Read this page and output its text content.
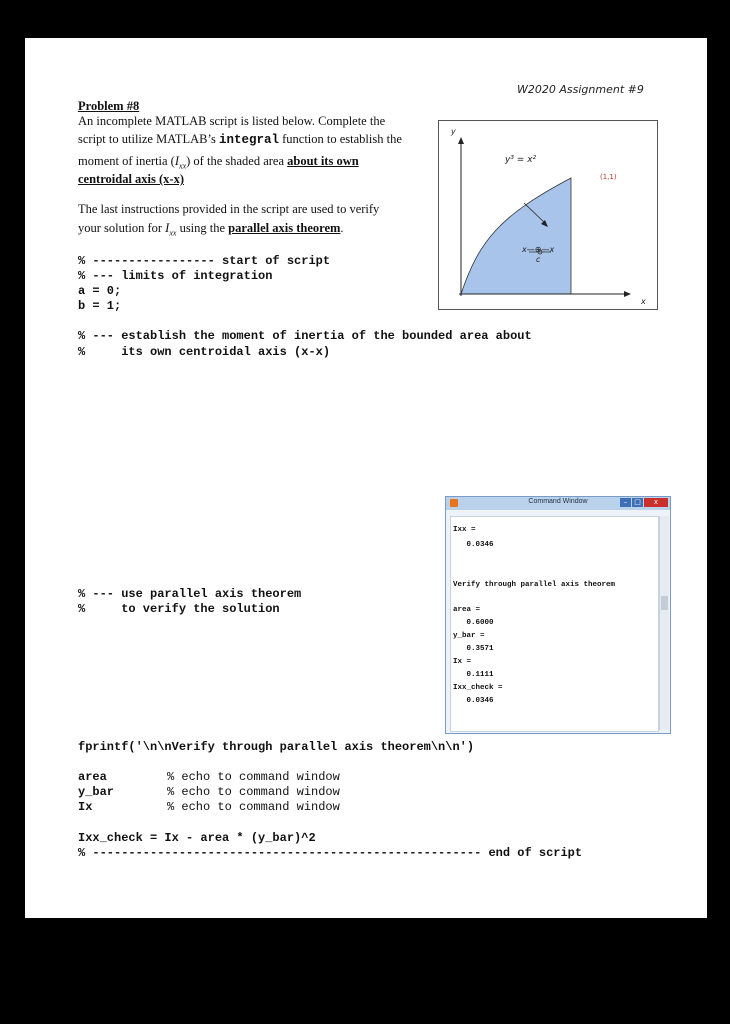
W2020 Assignment #9
Problem #8
An incomplete MATLAB script is listed below. Complete the
script to utilize MATLAB’s integral function to establish the
moment of inertia $(I_{xx})$ of the shaded area about its own
centroidal axis (x-x)
The last instructions provided in the script are used to verify
your solution for $I_{xx}$ using the parallel axis theorem.
y
x
y³ = x²
(1,1)
x—⊕—x
c
% ----------------- start of script
% --- limits of integration
a = 0;
b = 1;
% --- establish the moment of inertia of the bounded area about
%     its own centroidal axis (x-x)
% --- use parallel axis theorem
%     to verify the solution
fprintf('\n\nVerify through parallel axis theorem\n\n')
area	% echo to command window
y_bar	% echo to command window
Ix	% echo to command window
Ixx_check = Ix - area * (y_bar)^2
% ------------------------------------------------------ end of script
Command Window	– □	x
Ixx =
0.0346
Verify through parallel axis theorem
area =
0.6000
y_bar =
0.3571
Ix =
0.1111
Ixx_check =
0.0346
